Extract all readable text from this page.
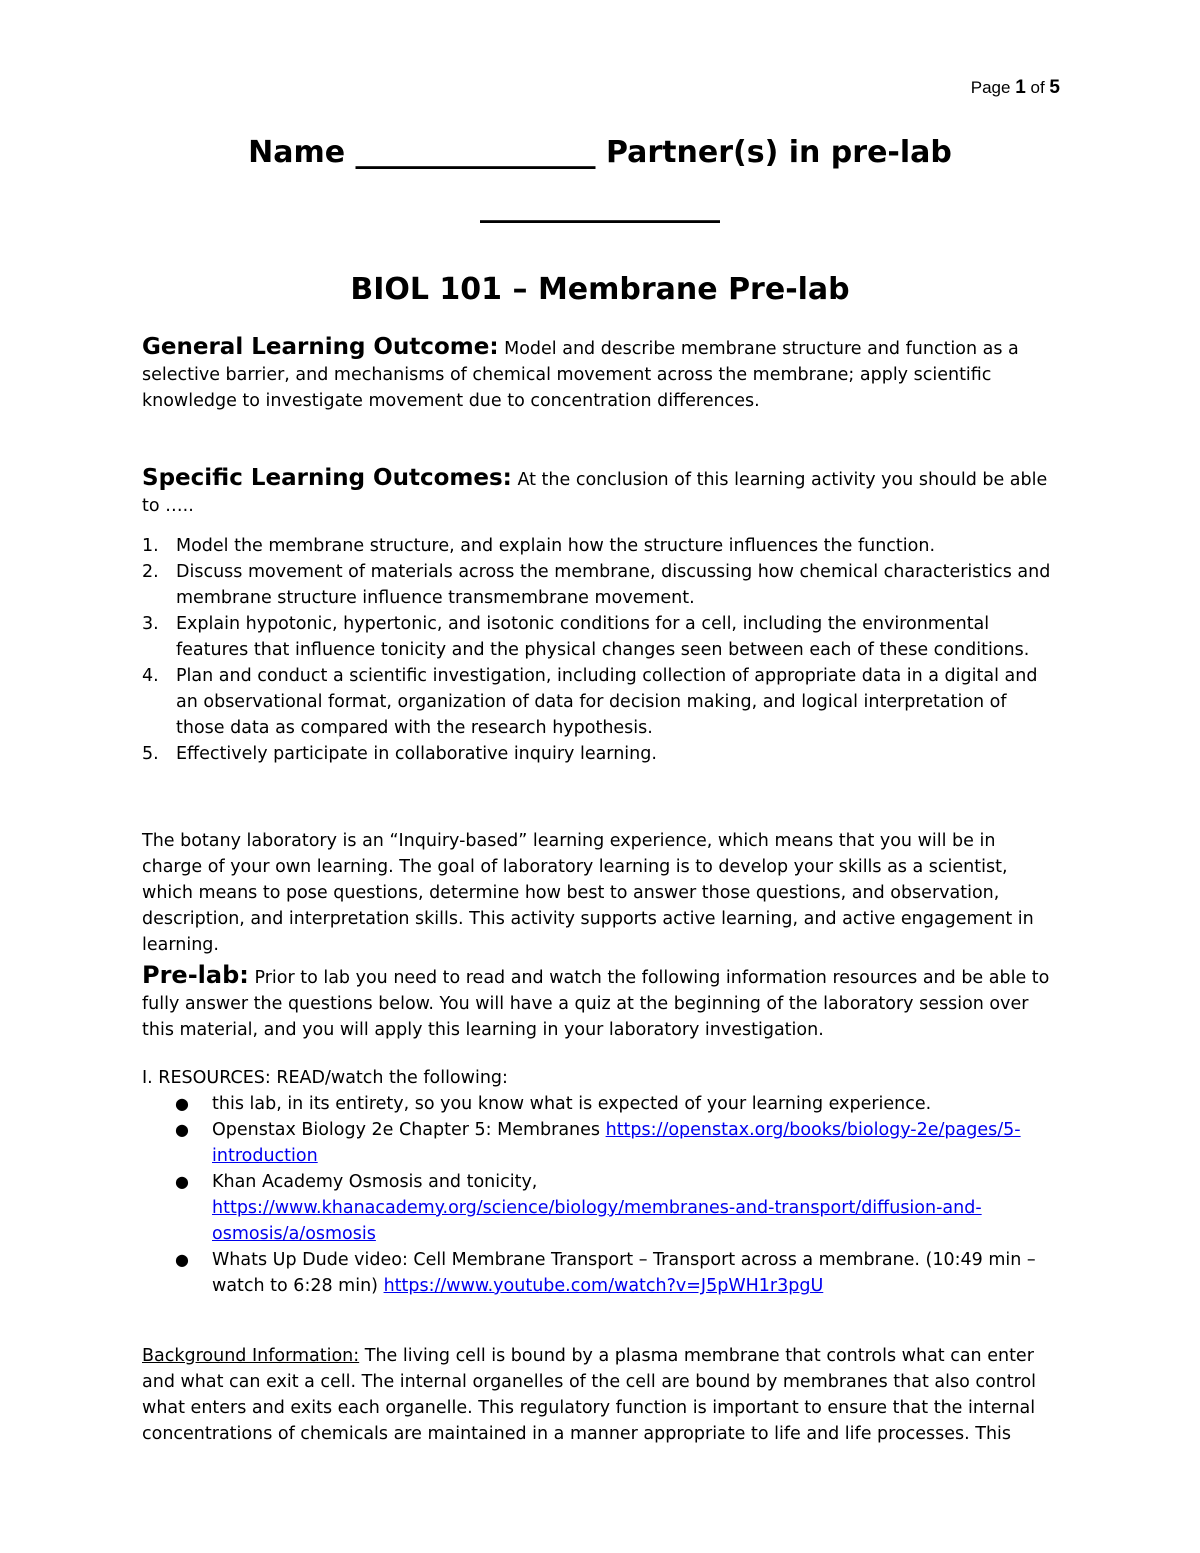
Page 1 of 5
Name ________________ Partner(s) in pre-lab ________________
BIOL 101 – Membrane Pre-lab
General Learning Outcome: Model and describe membrane structure and function as a selective barrier, and mechanisms of chemical movement across the membrane; apply scientific knowledge to investigate movement due to concentration differences.
Specific Learning Outcomes: At the conclusion of this learning activity you should be able to …..
1. Model the membrane structure, and explain how the structure influences the function.
2. Discuss movement of materials across the membrane, discussing how chemical characteristics and membrane structure influence transmembrane movement.
3. Explain hypotonic, hypertonic, and isotonic conditions for a cell, including the environmental features that influence tonicity and the physical changes seen between each of these conditions.
4. Plan and conduct a scientific investigation, including collection of appropriate data in a digital and an observational format, organization of data for decision making, and logical interpretation of those data as compared with the research hypothesis.
5. Effectively participate in collaborative inquiry learning.
The botany laboratory is an “Inquiry-based” learning experience, which means that you will be in charge of your own learning. The goal of laboratory learning is to develop your skills as a scientist, which means to pose questions, determine how best to answer those questions, and observation, description, and interpretation skills. This activity supports active learning, and active engagement in learning.
Pre-lab: Prior to lab you need to read and watch the following information resources and be able to fully answer the questions below. You will have a quiz at the beginning of the laboratory session over this material, and you will apply this learning in your laboratory investigation.
I. RESOURCES: READ/watch the following:
● this lab, in its entirety, so you know what is expected of your learning experience.
● Openstax Biology 2e Chapter 5: Membranes https://openstax.org/books/biology-2e/pages/5-introduction
● Khan Academy Osmosis and tonicity, https://www.khanacademy.org/science/biology/membranes-and-transport/diffusion-and-osmosis/a/osmosis
● Whats Up Dude video: Cell Membrane Transport – Transport across a membrane. (10:49 min – watch to 6:28 min) https://www.youtube.com/watch?v=J5pWH1r3pgU
Background Information: The living cell is bound by a plasma membrane that controls what can enter and what can exit a cell. The internal organelles of the cell are bound by membranes that also control what enters and exits each organelle. This regulatory function is important to ensure that the internal concentrations of chemicals are maintained in a manner appropriate to life and life processes. This
